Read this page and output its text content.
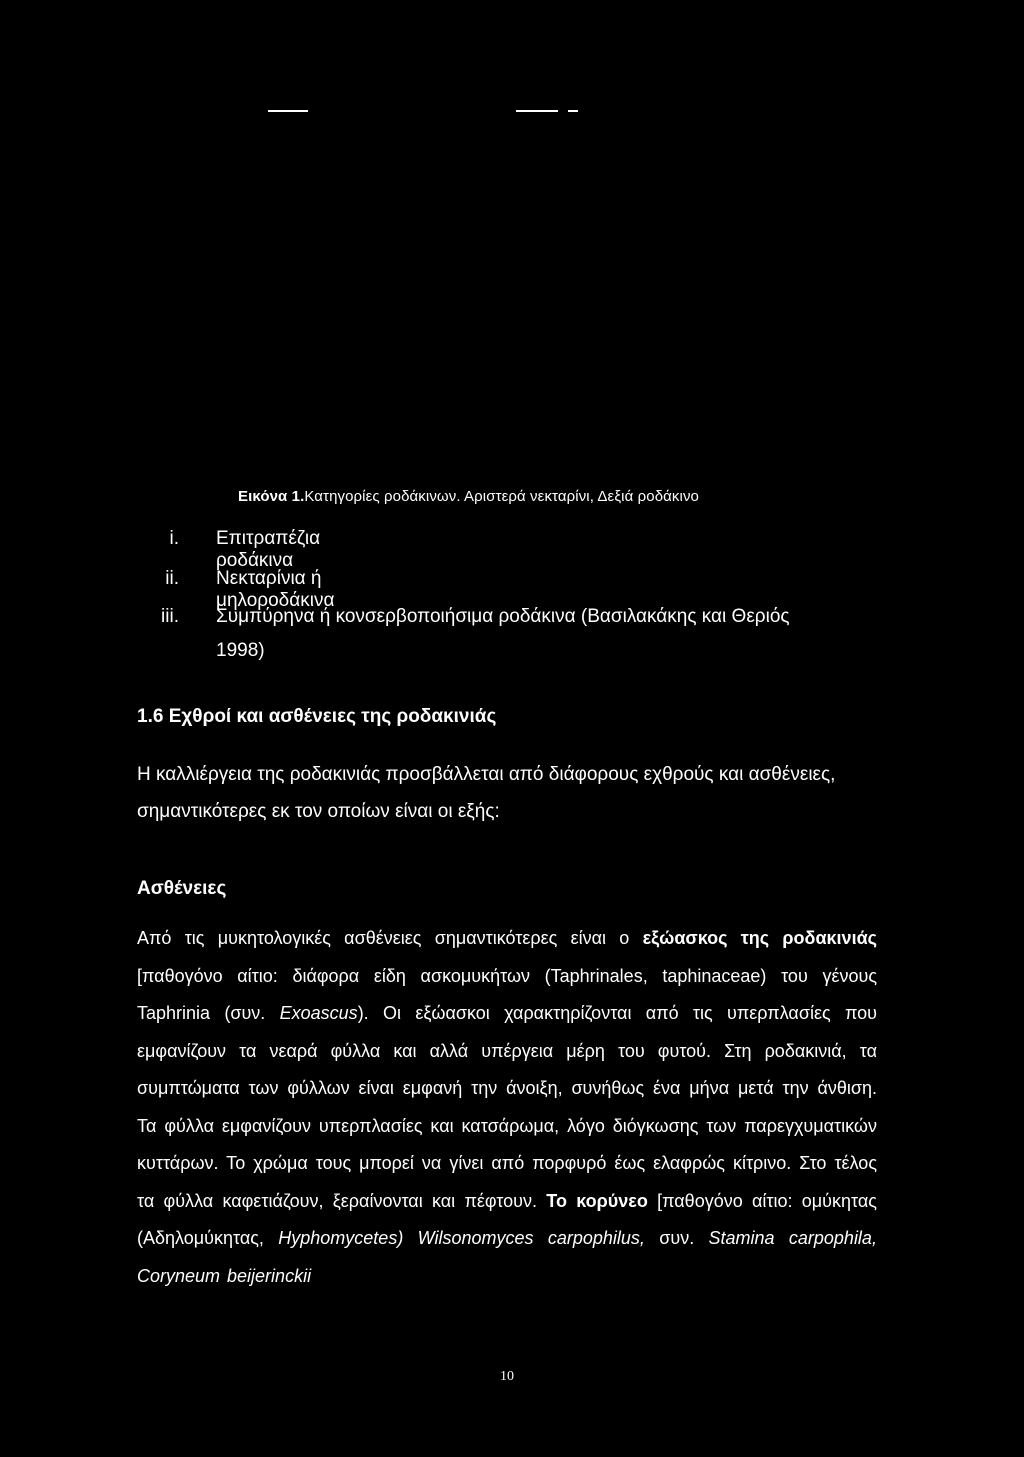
Εικόνα 1.Κατηγορίες ροδάκινων. Αριστερά νεκταρίνι, Δεξιά ροδάκινο
i. Επιτραπέζια ροδάκινα
ii. Νεκταρίνια ή μηλοροδάκινα
iii. Συμπύρηνα ή κονσερβοποιήσιμα ροδάκινα (Βασιλακάκης και Θεριός
1998)
1.6 Εχθροί και ασθένειες της ροδακινιάς
Η καλλιέργεια της ροδακινιάς προσβάλλεται από διάφορους εχθρούς και ασθένειες, σημαντικότερες εκ τον οποίων είναι οι εξής:
Ασθένειες
Από τις μυκητολογικές ασθένειες σημαντικότερες είναι ο εξώασκος της ροδακινιάς [παθογόνο αίτιο: διάφορα είδη ασκομυκήτων (Taphrinales, taphinaceae) του γένους Taphrinia (συν. Exoascus). Οι εξώασκοι χαρακτηρίζονται από τις υπερπλασίες που εμφανίζουν τα νεαρά φύλλα και αλλά υπέργεια μέρη του φυτού. Στη ροδακινιά, τα συμπτώματα των φύλλων είναι εμφανή την άνοιξη, συνήθως ένα μήνα μετά την άνθιση. Τα φύλλα εμφανίζουν υπερπλασίες και κατσάρωμα, λόγο διόγκωσης των παρεγχυματικών κυττάρων. Το χρώμα τους μπορεί να γίνει από πορφυρό έως ελαφρώς κίτρινο. Στο τέλος τα φύλλα καφετιάζουν, ξεραίνονται και πέφτουν. Το κορύνεο [παθογόνο αίτιο: ομύκητας (Αδηλομύκητας, Hyphomycetes) Wilsonomyces carpophilus, συν. Stamina carpophila, Coryneum beijerinckii
10
